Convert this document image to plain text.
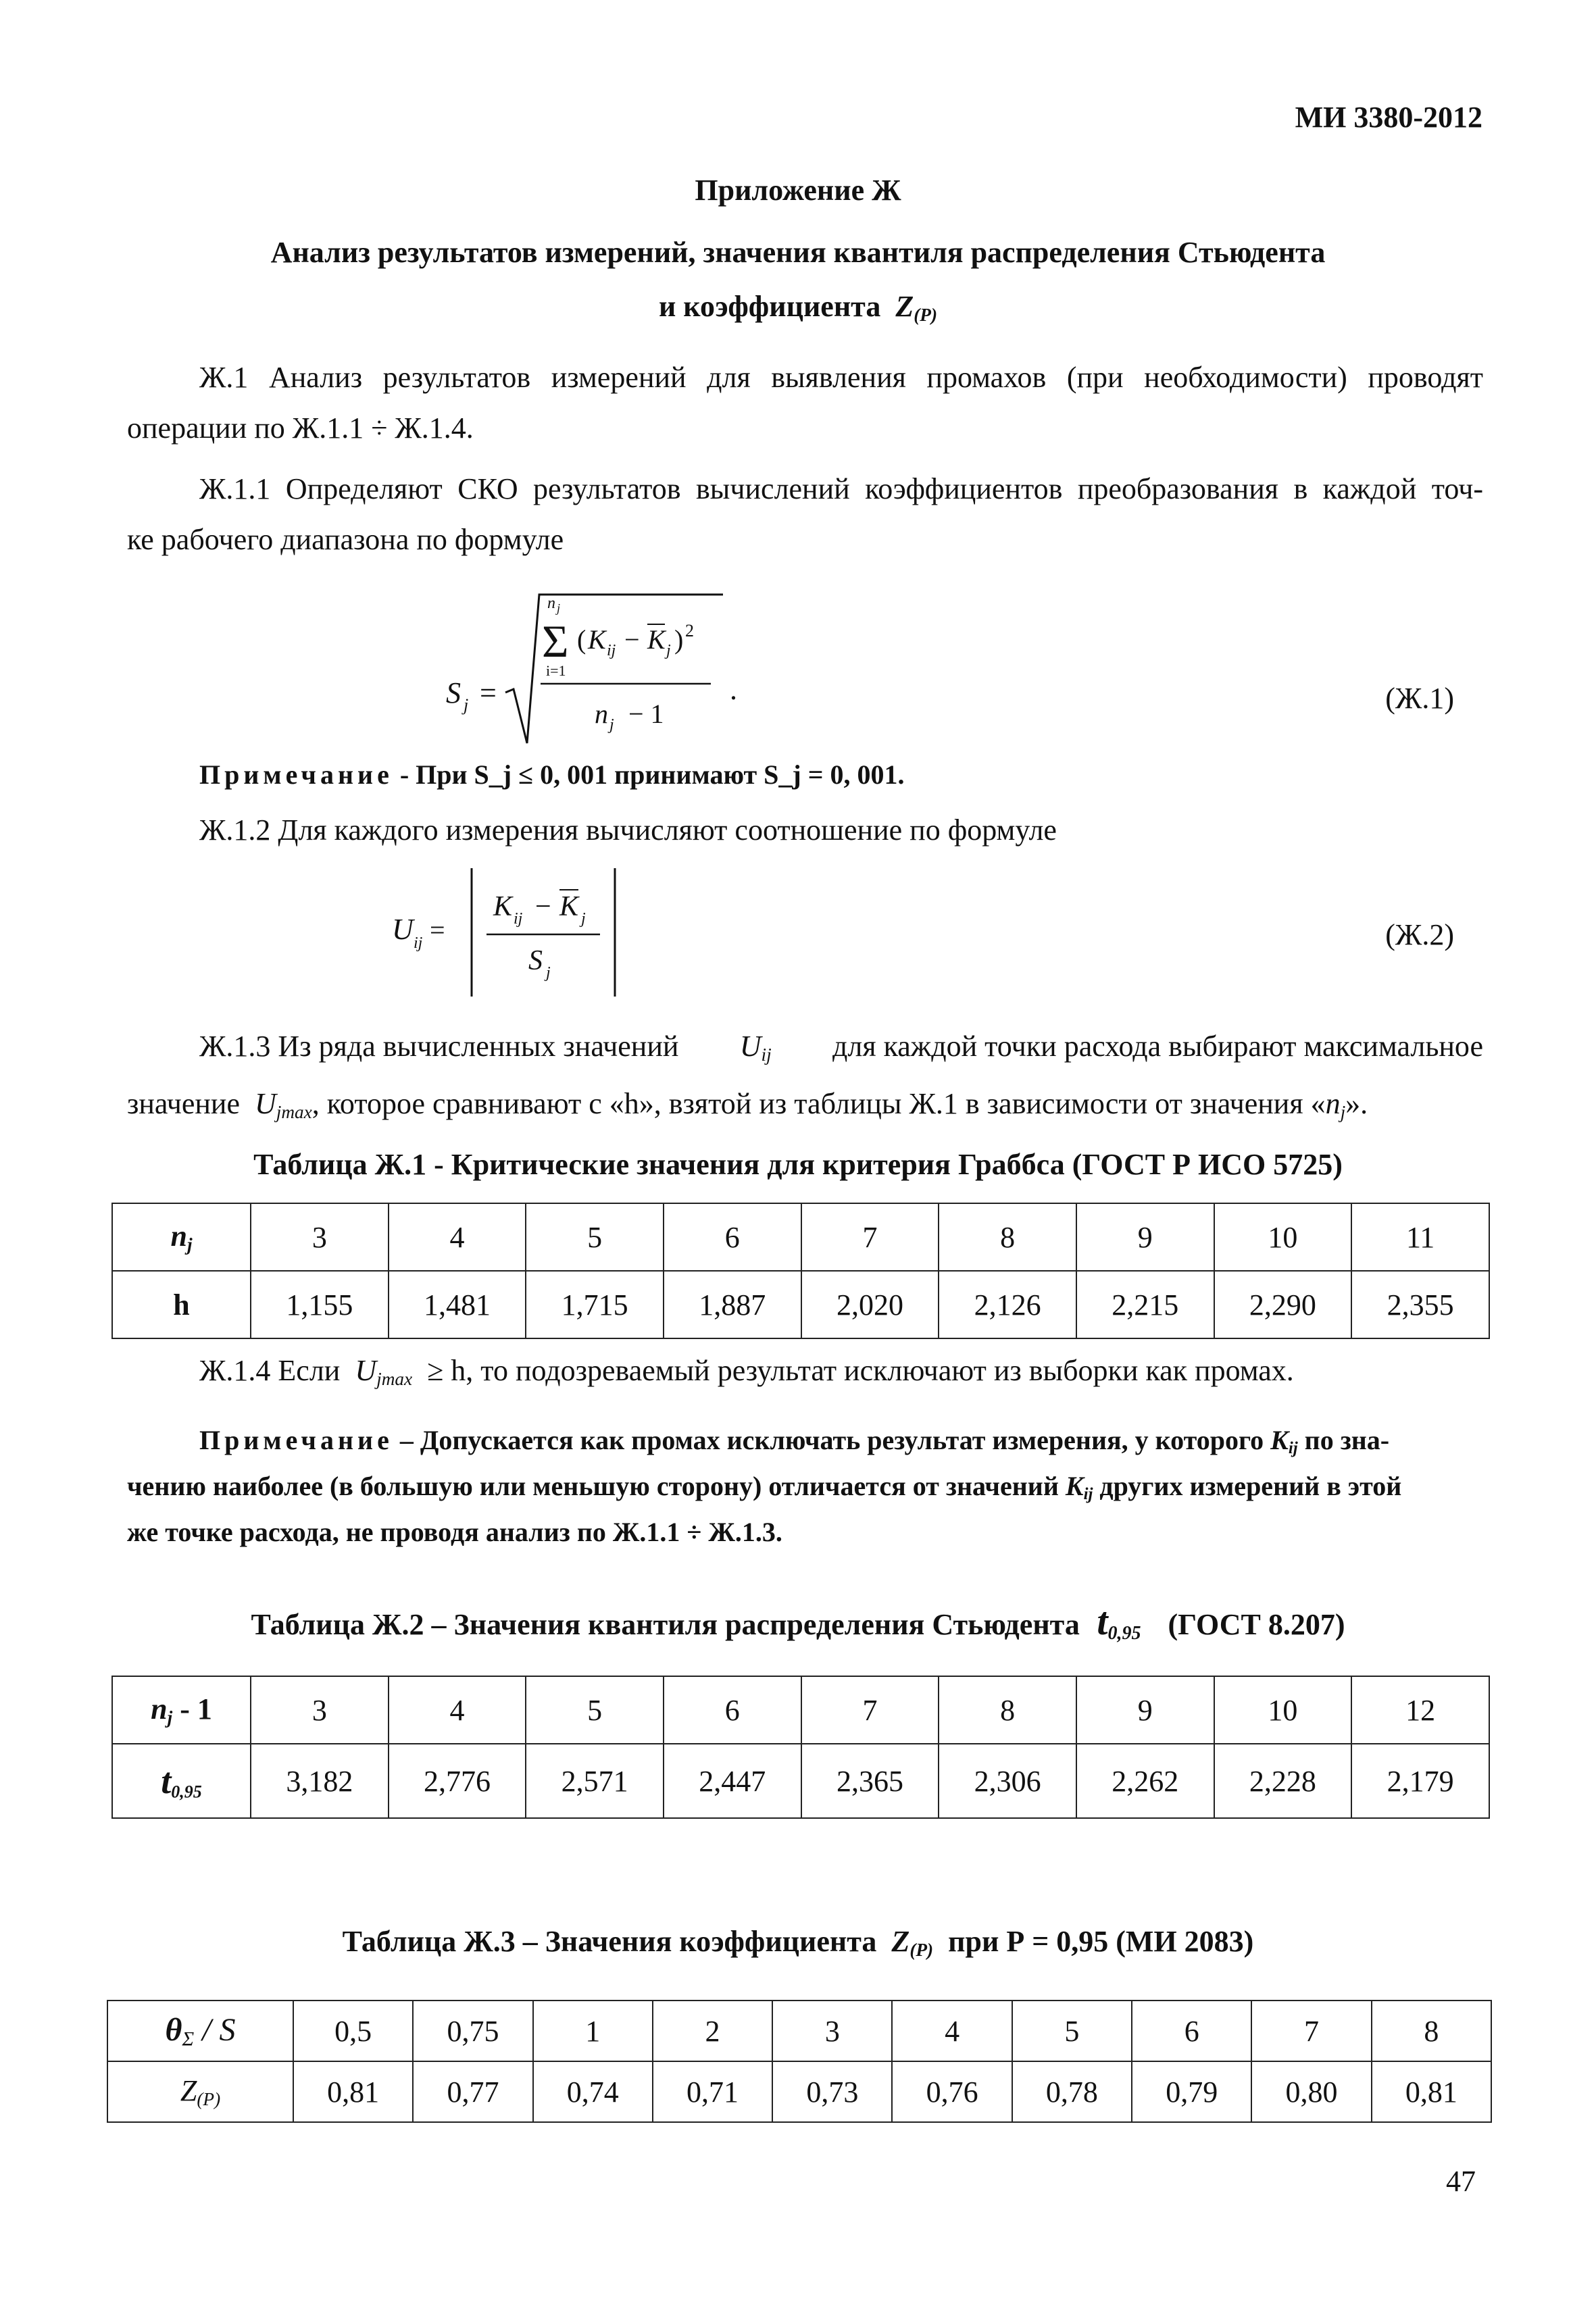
МИ 3380-2012
Приложение Ж
Анализ результатов измерений, значения квантиля распределения Стьюдента
и коэффициента  $Z_{(P)}$
Ж.1 Анализ результатов измерений для выявления промахов (при необходимости) проводят
операции по Ж.1.1 ÷ Ж.1.4.
Ж.1.1 Определяют СКО результатов вычислений коэффициентов преобразования в каждой точ-
ке рабочего диапазона по формуле
S j =
n j
Σ ( K ij − K j ) 2
i=1
n j − 1
.	(Ж.1)
Примечание - При S_j ≤ 0, 001 принимают S_j = 0, 001.
Ж.1.2 Для каждого измерения вычисляют соотношение по формуле
U ij =
K ij − K j
S j
(Ж.2)
Ж.1.3 Из ряда вычисленных значений $U_{ij}$ для каждой точки расхода выбирают максимальное
значение  $U_{jmax}$, которое сравнивают с «h», взятой из таблицы Ж.1 в зависимости от значения «$n_j$».
Таблица Ж.1 - Критические значения для критерия Граббса (ГОСТ Р ИСО 5725)
$n_j$	3	4	5	6	7	8	9	10	11
h	1,155	1,481	1,715	1,887	2,020	2,126	2,215	2,290	2,355
Ж.1.4 Если  $U_{jmax} \ge h$, то подозреваемый результат исключают из выборки как промах.
Примечание – Допускается как промах исключать результат измерения, у которого $K_{ij}$ по зна-
чению наиболее (в большую или меньшую сторону) отличается от значений $K_{ij}$ других измерений в этой
же точке расхода, не проводя анализ по Ж.1.1 ÷ Ж.1.3.
Таблица Ж.2 – Значения квантиля распределения Стьюдента  $t_{0,95}$ (ГОСТ 8.207)
$n_j - 1$	3	4	5	6	7	8	9	10	12
$t_{0,95}$	3,182	2,776	2,571	2,447	2,365	2,306	2,262	2,228	2,179
Таблица Ж.3 – Значения коэффициента  $Z_{(P)}$ при Р = 0,95 (МИ 2083)
$\theta_\Sigma$ / S	0,5	0,75	1	2	3	4	5	6	7	8
$Z_{(P)}$	0,81	0,77	0,74	0,71	0,73	0,76	0,78	0,79	0,80	0,81
47
